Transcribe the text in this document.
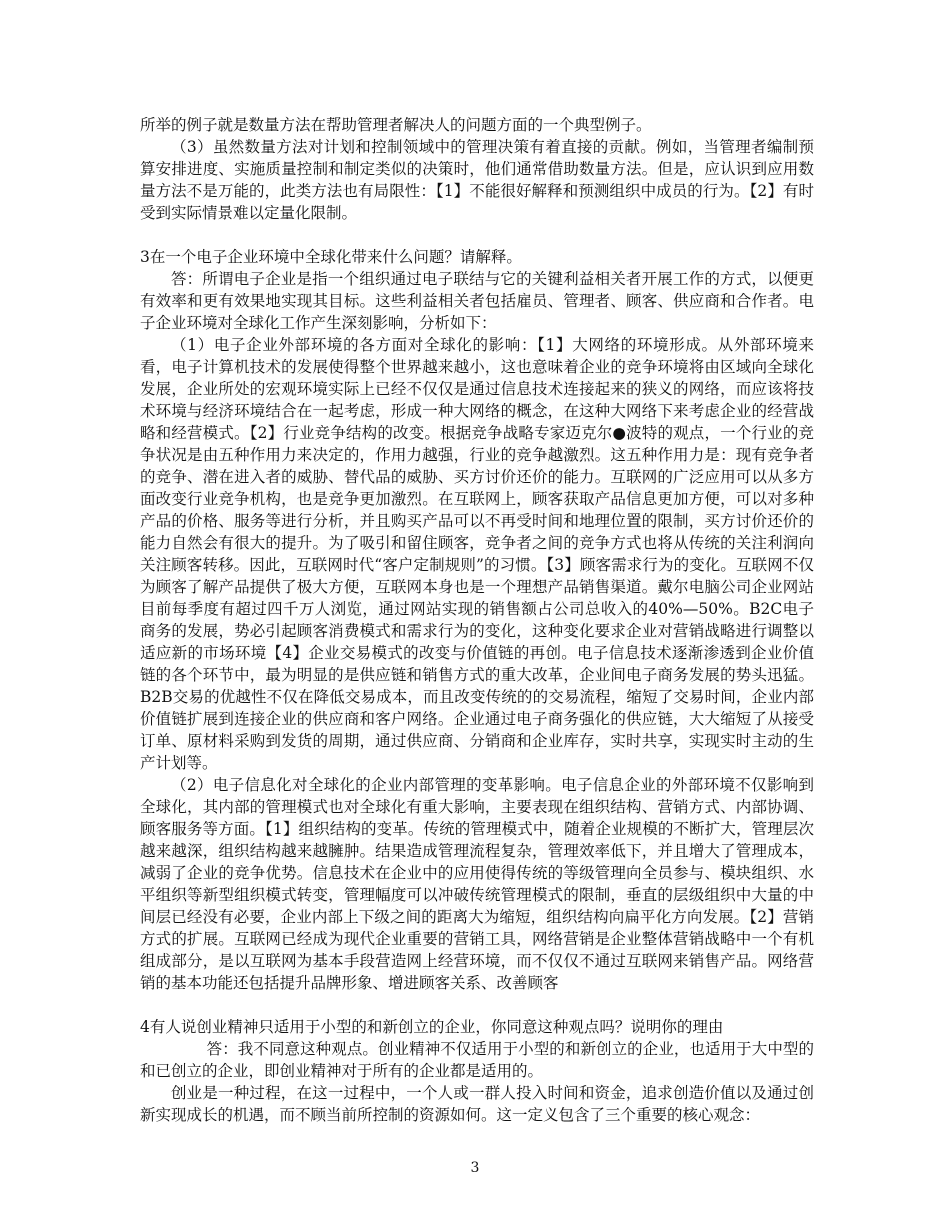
所举的例子就是数量方法在帮助管理者解决人的问题方面的一个典型例子。

（3）虽然数量方法对计划和控制领域中的管理决策有着直接的贡献。例如，当管理者编制预算安排进度、实施质量控制和制定类似的决策时，他们通常借助数量方法。但是，应认识到应用数量方法不是万能的，此类方法也有局限性：【1】不能很好解释和预测组织中成员的行为。【2】有时受到实际情景难以定量化限制。

3在一个电子企业环境中全球化带来什么问题？请解释。

答：所谓电子企业是指一个组织通过电子联结与它的关键利益相关者开展工作的方式，以便更有效率和更有效果地实现其目标。这些利益相关者包括雇员、管理者、顾客、供应商和合作者。电子企业环境对全球化工作产生深刻影响，分析如下：

（1）电子企业外部环境的各方面对全球化的影响：【1】大网络的环境形成。从外部环境来看，电子计算机技术的发展使得整个世界越来越小，这也意味着企业的竞争环境将由区域向全球化发展，企业所处的宏观环境实际上已经不仅仅是通过信息技术连接起来的狭义的网络，而应该将技术环境与经济环境结合在一起考虑，形成一种大网络的概念，在这种大网络下来考虑企业的经营战略和经营模式。【2】行业竞争结构的改变。根据竞争战略专家迈克尔●波特的观点，一个行业的竞争状况是由五种作用力来决定的，作用力越强，行业的竞争越激烈。这五种作用力是：现有竞争者的竞争、潜在进入者的威胁、替代品的威胁、买方讨价还价的能力。互联网的广泛应用可以从多方面改变行业竞争机构，也是竞争更加激烈。在互联网上，顾客获取产品信息更加方便，可以对多种产品的价格、服务等进行分析，并且购买产品可以不再受时间和地理位置的限制，买方讨价还价的能力自然会有很大的提升。为了吸引和留住顾客，竞争者之间的竞争方式也将从传统的关注利润向关注顾客转移。因此，互联网时代“客户定制规则”的习惯。【3】顾客需求行为的变化。互联网不仅为顾客了解产品提供了极大方便，互联网本身也是一个理想产品销售渠道。戴尔电脑公司企业网站目前每季度有超过四千万人浏览，通过网站实现的销售额占公司总收入的40%—50%。B2C电子商务的发展，势必引起顾客消费模式和需求行为的变化，这种变化要求企业对营销战略进行调整以适应新的市场环境【4】企业交易模式的改变与价值链的再创。电子信息技术逐渐渗透到企业价值链的各个环节中，最为明显的是供应链和销售方式的重大改革，企业间电子商务发展的势头迅猛。B2B交易的优越性不仅在降低交易成本，而且改变传统的的交易流程，缩短了交易时间，企业内部价值链扩展到连接企业的供应商和客户网络。企业通过电子商务强化的供应链，大大缩短了从接受订单、原材料采购到发货的周期，通过供应商、分销商和企业库存，实时共享，实现实时主动的生产计划等。

（2）电子信息化对全球化的企业内部管理的变革影响。电子信息企业的外部环境不仅影响到全球化，其内部的管理模式也对全球化有重大影响，主要表现在组织结构、营销方式、内部协调、顾客服务等方面。【1】组织结构的变革。传统的管理模式中，随着企业规模的不断扩大，管理层次越来越深，组织结构越来越臃肿。结果造成管理流程复杂，管理效率低下，并且增大了管理成本，减弱了企业的竞争优势。信息技术在企业中的应用使得传统的等级管理向全员参与、模块组织、水平组织等新型组织模式转变，管理幅度可以冲破传统管理模式的限制，垂直的层级组织中大量的中间层已经没有必要，企业内部上下级之间的距离大为缩短，组织结构向扁平化方向发展。【2】营销方式的扩展。互联网已经成为现代企业重要的营销工具，网络营销是企业整体营销战略中一个有机组成部分，是以互联网为基本手段营造网上经营环境，而不仅仅不通过互联网来销售产品。网络营销的基本功能还包括提升品牌形象、增进顾客关系、改善顾客

4有人说创业精神只适用于小型的和新创立的企业，你同意这种观点吗？说明你的理由

答：我不同意这种观点。创业精神不仅适用于小型的和新创立的企业，也适用于大中型的和已创立的企业，即创业精神对于所有的企业都是适用的。

创业是一种过程，在这一过程中，一个人或一群人投入时间和资金，追求创造价值以及通过创新实现成长的机遇，而不顾当前所控制的资源如何。这一定义包含了三个重要的核心观念：

3
